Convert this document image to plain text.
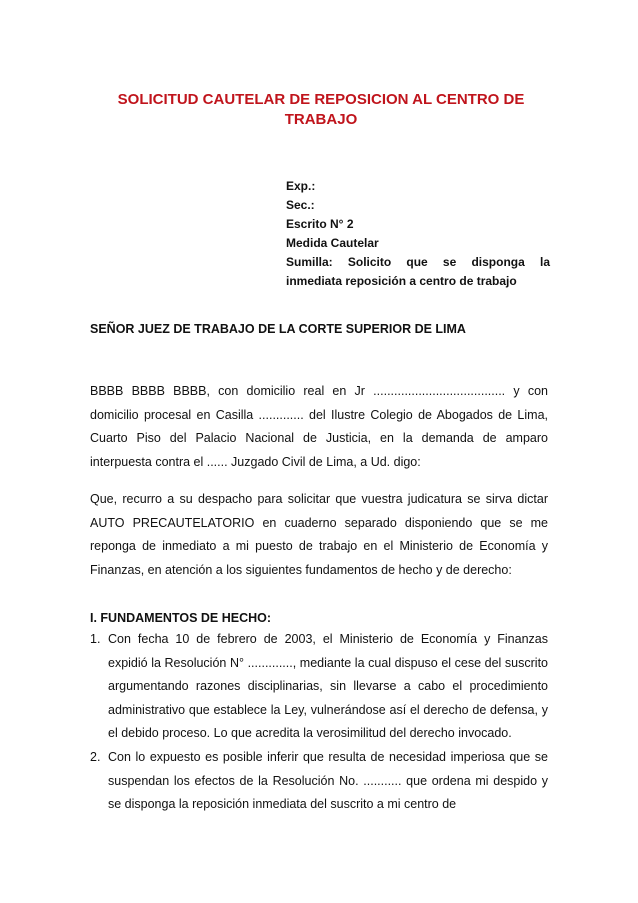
SOLICITUD CAUTELAR DE REPOSICION AL CENTRO DE
TRABAJO
Exp.:
Sec.:
Escrito N° 2
Medida Cautelar
Sumilla: Solicito que se disponga la inmediata reposición a centro de trabajo
SEÑOR JUEZ DE TRABAJO DE LA CORTE SUPERIOR DE LIMA

BBBB BBBB BBBB, con domicilio real en Jr ...................................... y con domicilio procesal en Casilla ............. del Ilustre Colegio de Abogados de Lima, Cuarto Piso del Palacio Nacional de Justicia, en la demanda de amparo interpuesta contra el ...... Juzgado Civil de Lima, a Ud. digo:

Que, recurro a su despacho para solicitar que vuestra judicatura se sirva dictar AUTO PRECAUTELATORIO en cuaderno separado disponiendo que se me reponga de inmediato a mi puesto de trabajo en el Ministerio de Economía y Finanzas, en atención a los siguientes fundamentos de hecho y de derecho:

I. FUNDAMENTOS DE HECHO:
1. Con fecha 10 de febrero de 2003, el Ministerio de Economía y Finanzas expidió la Resolución N° ............., mediante la cual dispuso el cese del suscrito argumentando razones disciplinarias, sin llevarse a cabo el procedimiento administrativo que establece la Ley, vulnerándose así el derecho de defensa, y el debido proceso. Lo que acredita la verosimilitud del derecho invocado.
2. Con lo expuesto es posible inferir que resulta de necesidad imperiosa que se suspendan los efectos de la Resolución No. ........... que ordena mi despido y se disponga la reposición inmediata del suscrito a mi centro de
